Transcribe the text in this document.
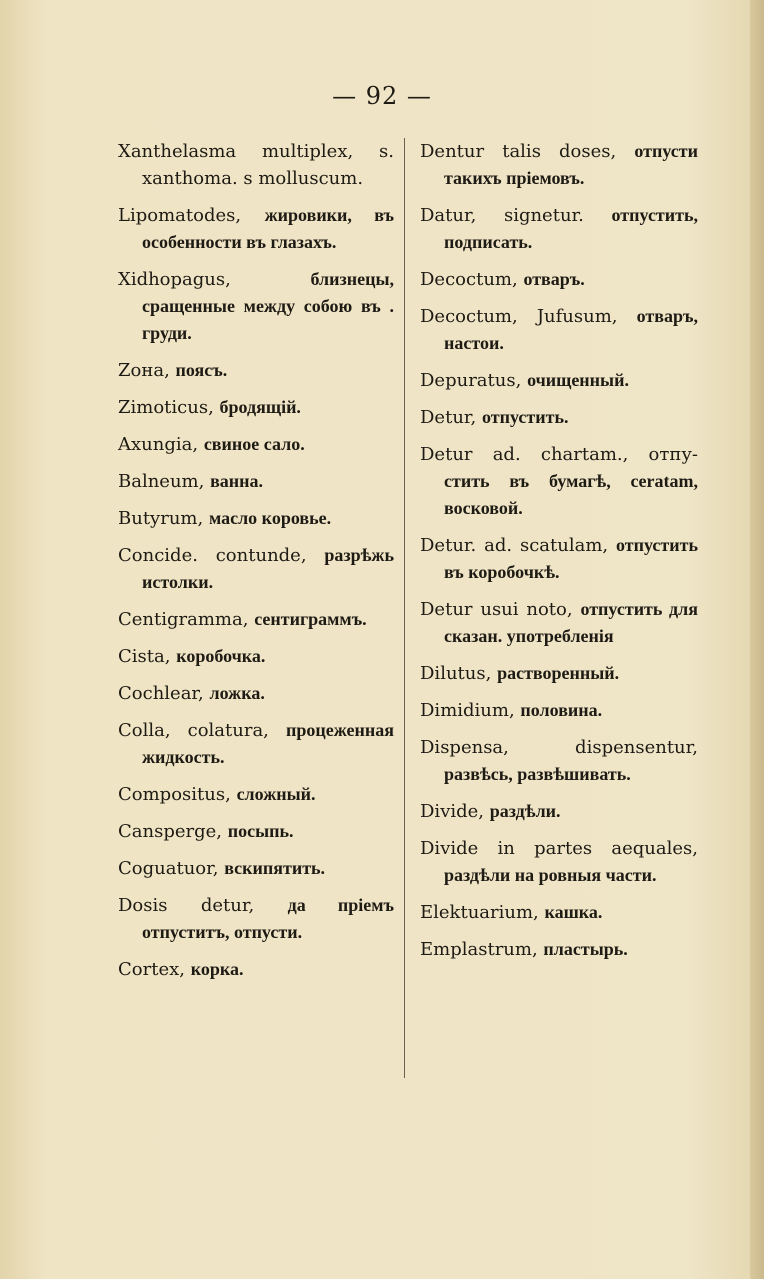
— 92 —
Xanthelasma multiplex, s. xanthoma. s molluscum.
Lipomatodes, жировики, въ особенности въ глазахъ.
Xidhopagus,	близнецы, сращенные между собою въ . груди.
Zона, поясъ.
Zimoticus, бродящій.
Axungia, свиное сало.
Balneum, ванна.
Butyrum, масло коровье.
Concide. contunde, разрѣжь истолки.
Centigramma, сентиграммъ.
Cista, коробочка.
Cochlear, ложка.
Colla, colatura, процеженная жидкость.
Compositus, сложный.
Cansperge, посыпь.
Coguatuor, вскипятить.
Dosis detur, да пріемъ отпуститъ, отпусти.
Cortex, корка.
Dentur talis doses, отпусти такихъ пріемовъ.
Datur, signetur. отпустить, подписать.
Decoctum, отваръ.
Decoctum, Jufusum, отваръ, настои.
Depuratus, очищенный.
Detur, отпустить.
Detur ad. chartam., отпу- стить въ бумагѣ, ceratam, восковой.
Detur. ad. scatulam, отпустить въ коробочкѣ.
Detur usui noto, отпустить для сказан. употребленія
Dilutus, растворенный.
Dimidium, половина.
Dispensa, dispensentur, развѣсь, развѣшивать.
Divide, раздѣли.
Divide in partes aequales, раздѣли на ровныя части.
Elektuarium, кашка.
Emplastrum, пластырь.
